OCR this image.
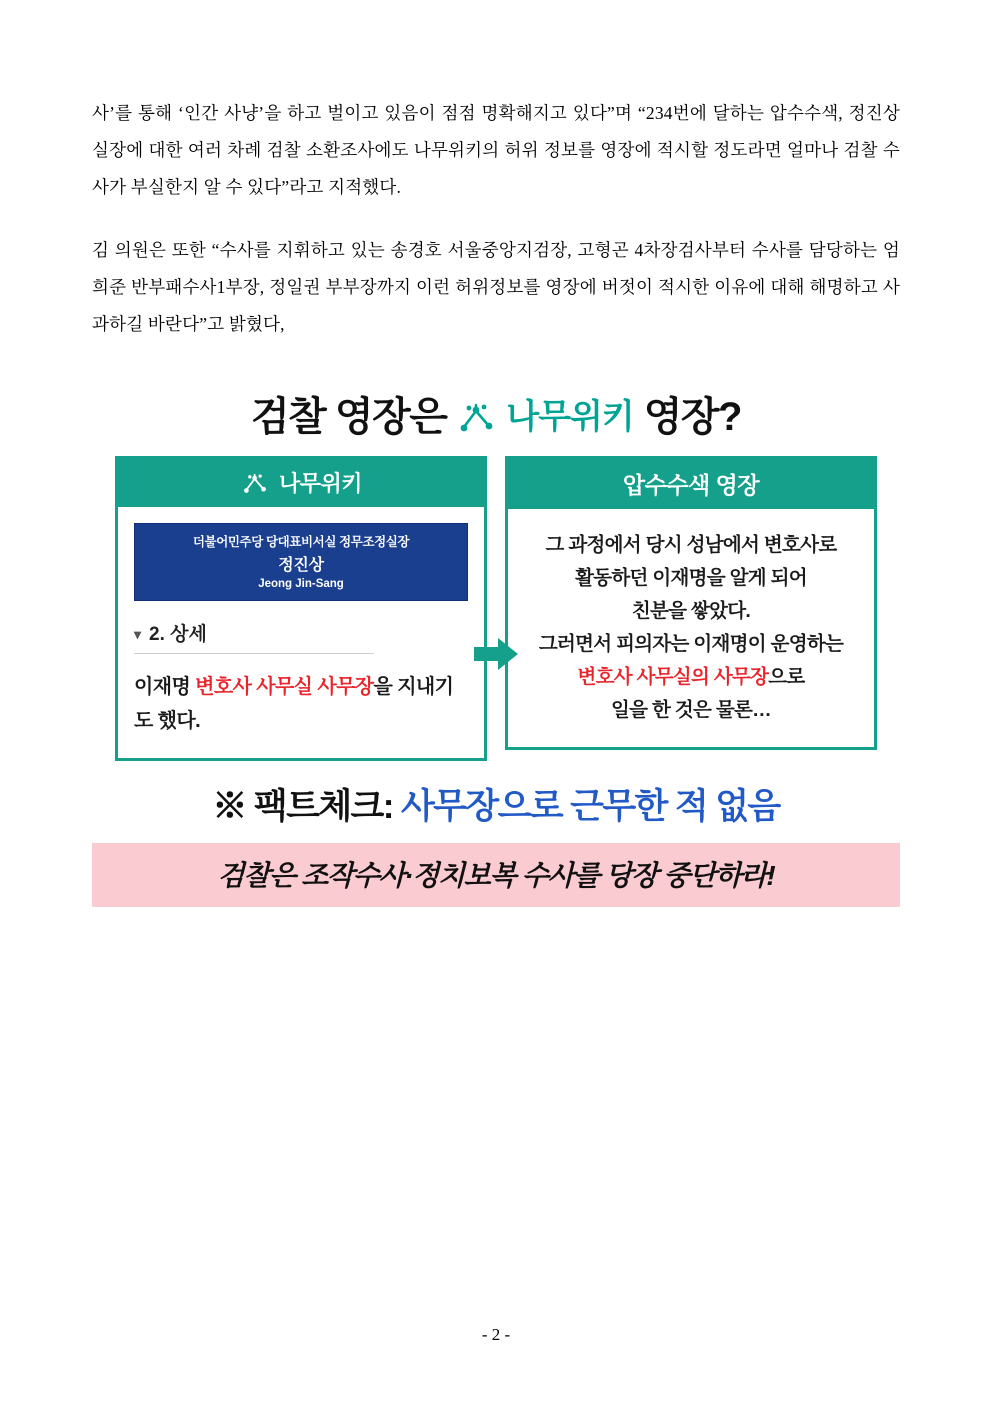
사’를 통해 ‘인간 사냥’을 하고 벌이고 있음이 점점 명확해지고 있다”며 “234번에 달하는 압수수색, 정진상 실장에 대한 여러 차례 검찰 소환조사에도 나무위키의 허위 정보를 영장에 적시할 정도라면 얼마나 검찰 수사가 부실한지 알 수 있다”라고 지적했다.

김 의원은 또한 “수사를 지휘하고 있는 송경호 서울중앙지검장, 고형곤 4차장검사부터 수사를 담당하는 엄희준 반부패수사1부장, 정일권 부부장까지 이런 허위정보를 영장에 버젓이 적시한 이유에 대해 해명하고 사과하길 바란다”고 밝혔다,

검찰 영장은 나무위키 영장?
나무위키
더불어민주당 당대표비서실 정무조정실장
정진상
Jeong Jin-Sang
▾ 2. 상세
이재명 변호사 사무실 사무장을 지내기도 했다.
압수수색 영장
그 과정에서 당시 성남에서 변호사로
활동하던 이재명을 알게 되어
친분을 쌓았다.
그러면서 피의자는 이재명이 운영하는
변호사 사무실의 사무장으로
일을 한 것은 물론…
※ 팩트체크: 사무장으로 근무한 적 없음
검찰은 조작수사·정치보복 수사를 당장 중단하라!
- 2 -
